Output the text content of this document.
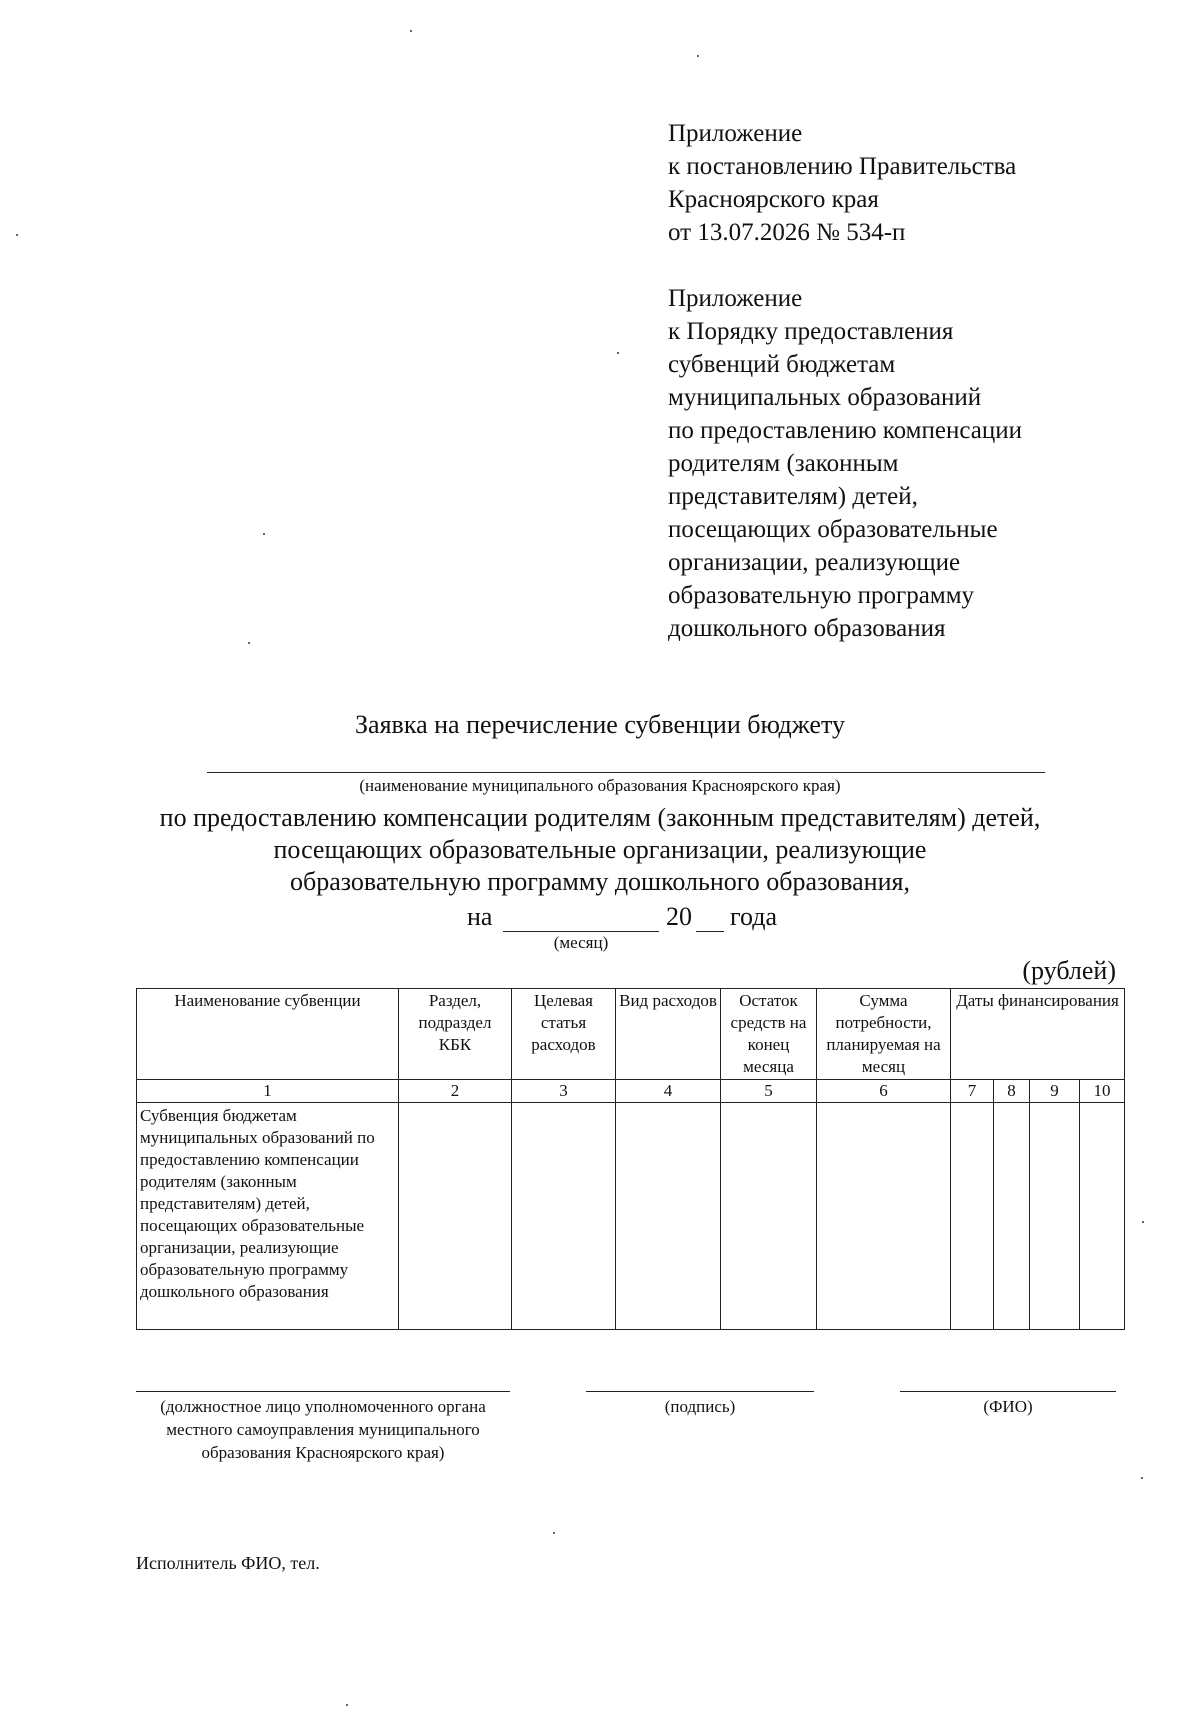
Приложение
к постановлению Правительства
Красноярского края
от 13.07.2026 № 534-п
Приложение
к Порядку предоставления
субвенций бюджетам
муниципальных образований
по предоставлению компенсации
родителям (законным
представителям) детей,
посещающих образовательные
организации, реализующие
образовательную программу
дошкольного образования
Заявка на перечисление субвенции бюджету
(наименование муниципального образования Красноярского края)
по предоставлению компенсации родителям (законным представителям) детей,
посещающих образовательные организации, реализующие
образовательную программу дошкольного образования,
на	20 года
(месяц)
(рублей)
Наименование субвенции	Раздел, подраздел КБК	Целевая статья расходов	Вид расходов	Остаток средств на конец месяца	Сумма потребности, планируемая на месяц	Даты финансирования			
1	2	3	4	5	6	7	8	9	10
Субвенция бюджетам муниципальных образований по предоставлению компенсации родителям (законным представителям) детей, посещающих образовательные организации, реализующие образовательную программу дошкольного образования									
(должностное лицо уполномоченного органа местного самоуправления муниципального образования Красноярского края)
(подпись)	(ФИО)
Исполнитель ФИО, тел.
